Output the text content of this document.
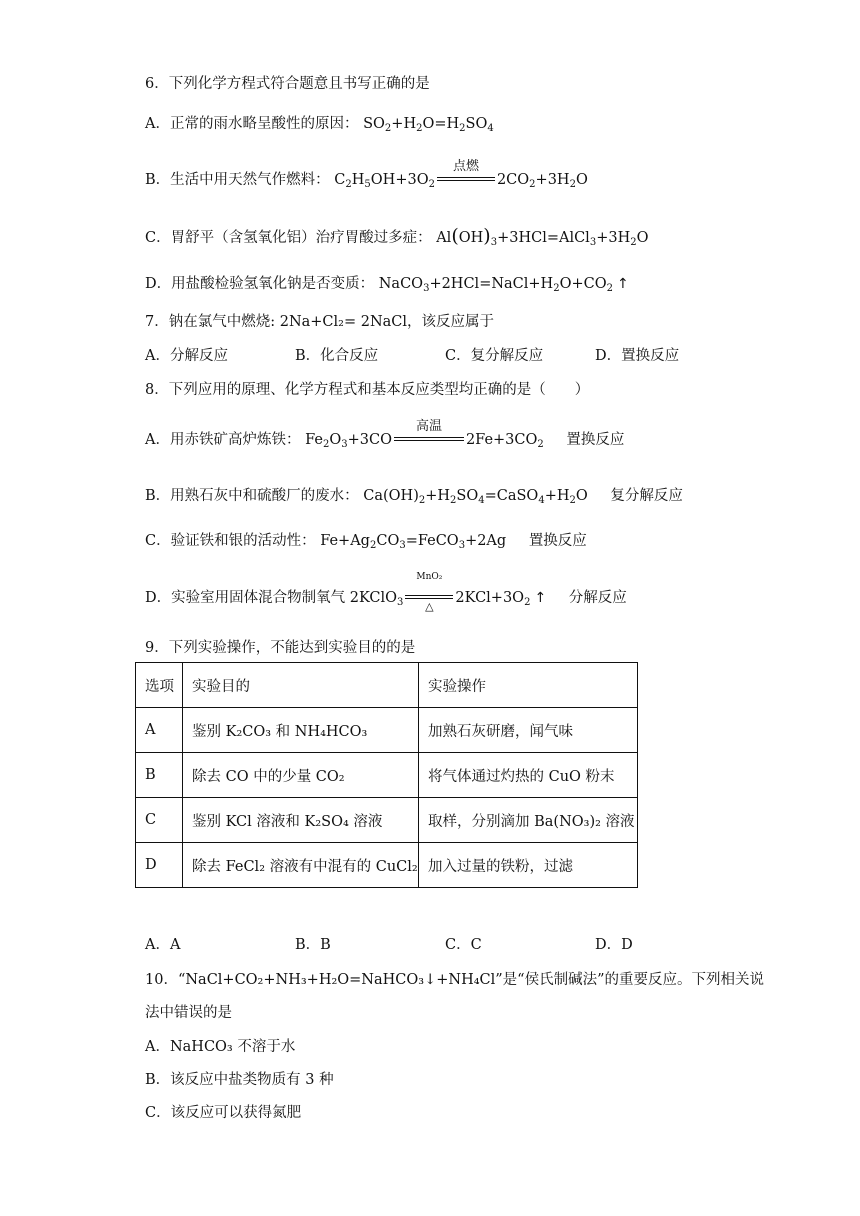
6．下列化学方程式符合题意且书写正确的是
A．正常的雨水略呈酸性的原因： $SO_2+H_2O=H_2SO_4$
B．生活中用天然气作燃料： $C_2H_5OH+3O_2$
点燃
$2CO_2+3H_2O$
C．胃舒平（含氢氧化铝）治疗胃酸过多症： $Al(OH)_3+3HCl=AlCl_3+3H_2O$
D．用盐酸检验氢氧化钠是否变质： $NaCO_3+2HCl=NaCl+H_2O+CO_2$ ↑
7．钠在氯气中燃烧: 2Na+Cl₂= 2NaCl，该反应属于
A．分解反应	B．化合反应	C．复分解反应	D．置换反应
8．下列应用的原理、化学方程式和基本反应类型均正确的是（　　）
A．用赤铁矿高炉炼铁： $Fe_2O_3+3CO$
高温
$2Fe+3CO_2$ 置换反应
B．用熟石灰中和硫酸厂的废水： $Ca(OH)_2+H_2SO_4=CaSO_4+H_2O$ 复分解反应
C．验证铁和银的活动性： $Fe+Ag_2CO_3=FeCO_3+2Ag$ 置换反应
D．实验室用固体混合物制氧气 2KClO$_3$
MnO₂
△
$2KCl+3O_2$ ↑ 分解反应
9．下列实验操作，不能达到实验目的的是
选项	实验目的	实验操作
A	鉴别 K₂CO₃ 和 NH₄HCO₃	加熟石灰研磨，闻气味
B	除去 CO 中的少量 CO₂	将气体通过灼热的 CuO 粉末
C	鉴别 KCl 溶液和 K₂SO₄ 溶液	取样，分别滴加 Ba(NO₃)₂ 溶液
D	除去 FeCl₂ 溶液有中混有的 CuCl₂	加入过量的铁粉，过滤
A．A	B．B	C．C	D．D
10．“NaCl+CO₂+NH₃+H₂O=NaHCO₃↓+NH₄Cl”是“侯氏制碱法”的重要反应。下列相关说
法中错误的是
A．NaHCO₃ 不溶于水
B．该反应中盐类物质有 3 种
C．该反应可以获得氮肥
